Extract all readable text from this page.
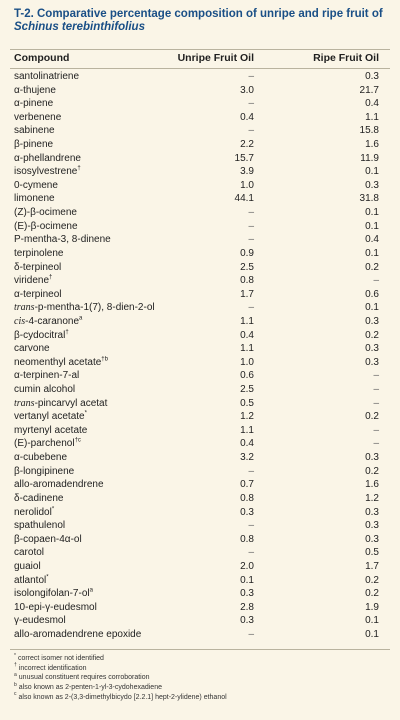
T-2. Comparative percentage composition of unripe and ripe fruit of Schinus terebinthifolius
Compound	Unripe Fruit Oil	Ripe Fruit Oil
santolinatriene	–	0.3
α-thujene	3.0	21.7
α-pinene	–	0.4
verbenene	0.4	1.1
sabinene	–	15.8
β-pinene	2.2	1.6
α-phellandrene	15.7	11.9
isosylvestrene†	3.9	0.1
0-cymene	1.0	0.3
limonene	44.1	31.8
(Z)-β-ocimene	–	0.1
(E)-β-ocimene	–	0.1
P-mentha-3, 8-dinene	–	0.4
terpinolene	0.9	0.1
δ-terpineol	2.5	0.2
viridene†	0.8	–
α-terpineol	1.7	0.6
trans-p-mentha-1(7), 8-dien-2-ol	–	0.1
cis-4-caranone$^a$	1.1	0.3
β-cydocitral†	0.4	0.2
carvone	1.1	0.3
neomenthyl acetate$^{\dagger b}$	1.0	0.3
α-terpinen-7-al	0.6	–
cumin alcohol	2.5	–
trans-pincarvyl acetat	0.5	–
vertanyl acetate*	1.2	0.2
myrtenyl acetate	1.1	–
(E)-parchenol$^{\dagger c}$	0.4	–
α-cubebene	3.2	0.3
β-longipinene	–	0.2
allo-aromadendrene	0.7	1.6
δ-cadinene	0.8	1.2
nerolidol*	0.3	0.3
spathulenol	–	0.3
β-copaen-4α-ol	0.8	0.3
carotol	–	0.5
guaiol	2.0	1.7
atlantol*	0.1	0.2
isolongifolan-$7-ol^a$	0.3	0.2
10-epi-γ-eudesmol	2.8	1.9
γ-eudesmol	0.3	0.1
allo-aromadendrene epoxide	–	0.1
* correct isomer not identified
† incorrect identification
$^a$ unusual constituent requires corroboration
$^b$ also known as 2-penten-1-yl-3-cydohexadiene
$^c$ also known as 2-(3,3-dimethylbicydo [2.2.1] hept-2-ylidene) ethanol
